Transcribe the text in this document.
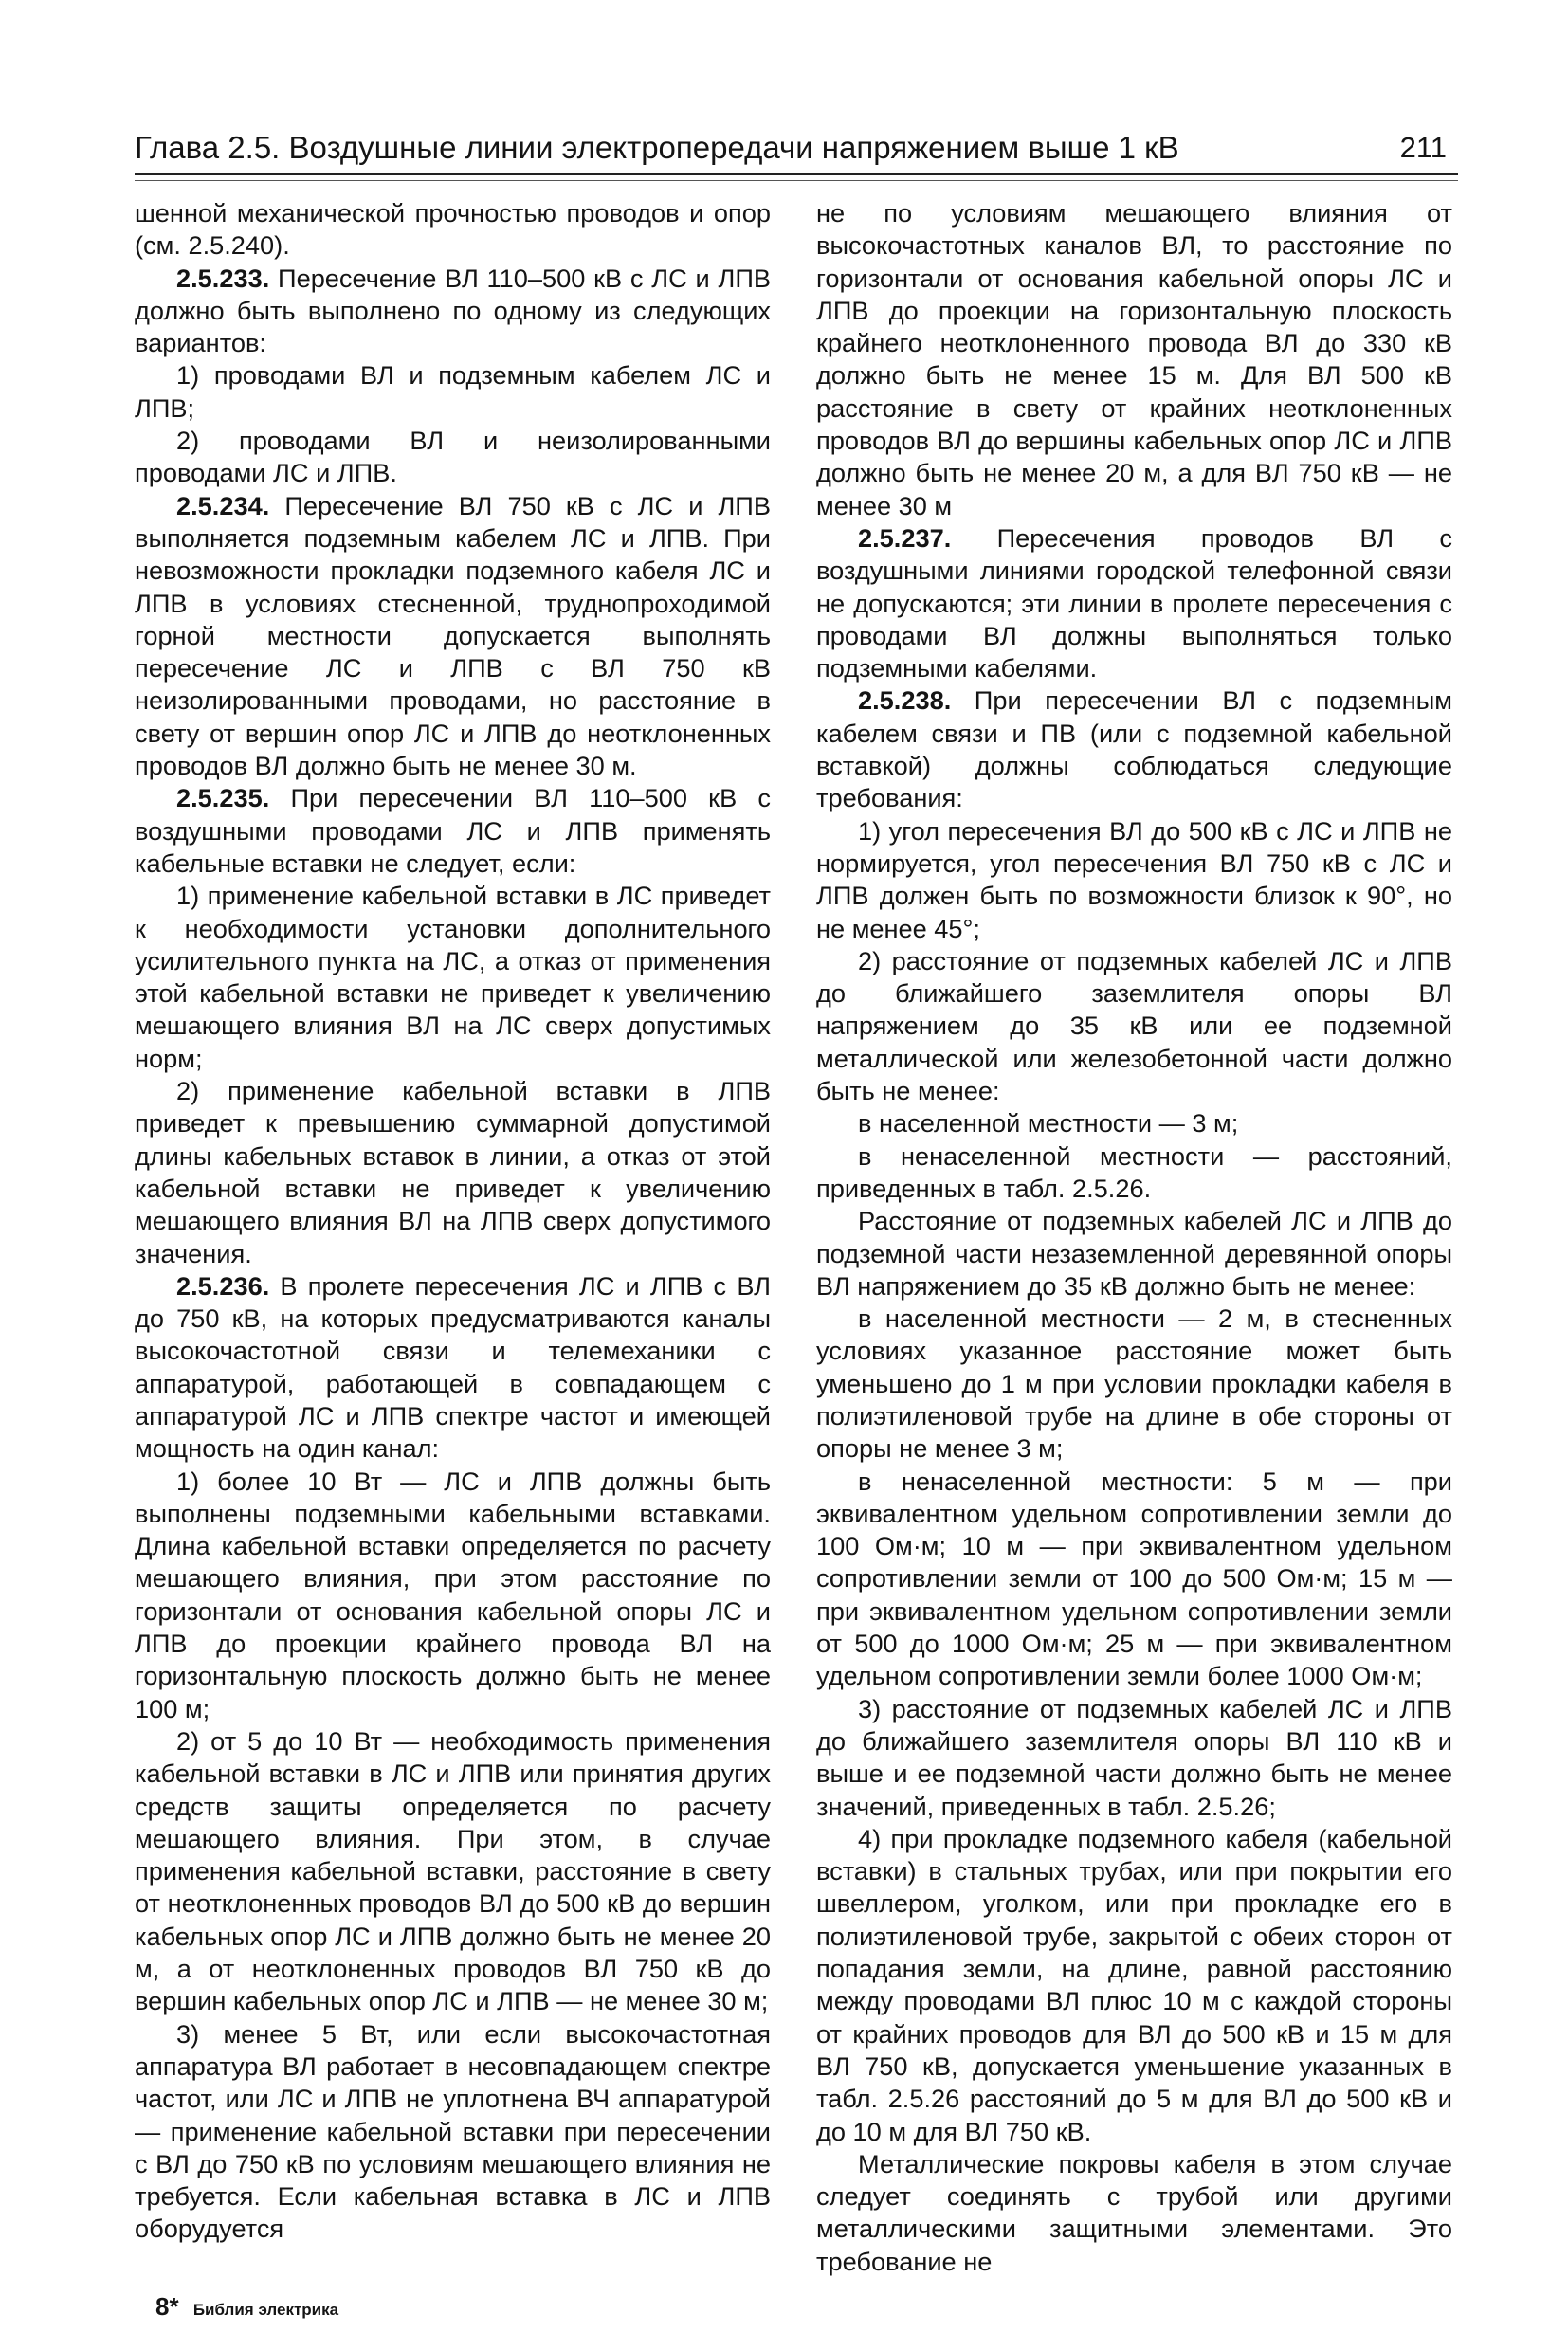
Глава 2.5. Воздушные линии электропередачи напряжением выше 1 кВ	211

шенной механической прочностью проводов и опор (см. 2.5.240).

2.5.233. Пересечение ВЛ 110–500 кВ с ЛС и ЛПВ должно быть выполнено по одному из следующих вариантов:

1) проводами ВЛ и подземным кабелем ЛС и ЛПВ;

2) проводами ВЛ и неизолированными проводами ЛС и ЛПВ.

2.5.234. Пересечение ВЛ 750 кВ с ЛС и ЛПВ выполняется подземным кабелем ЛС и ЛПВ. При невозможности прокладки подземного кабеля ЛС и ЛПВ в условиях стесненной, труднопроходимой горной местности допускается выполнять пересечение ЛС и ЛПВ с ВЛ 750 кВ неизолированными проводами, но расстояние в свету от вершин опор ЛС и ЛПВ до неотклоненных проводов ВЛ должно быть не менее 30 м.

2.5.235. При пересечении ВЛ 110–500 кВ с воздушными проводами ЛС и ЛПВ применять кабельные вставки не следует, если:

1) применение кабельной вставки в ЛС приведет к необходимости установки дополнительного усилительного пункта на ЛС, а отказ от применения этой кабельной вставки не приведет к увеличению мешающего влияния ВЛ на ЛС сверх допустимых норм;

2) применение кабельной вставки в ЛПВ приведет к превышению суммарной допустимой длины кабельных вставок в линии, а отказ от этой кабельной вставки не приведет к увеличению мешающего влияния ВЛ на ЛПВ сверх допустимого значения.

2.5.236. В пролете пересечения ЛС и ЛПВ с ВЛ до 750 кВ, на которых предусматриваются каналы высокочастотной связи и телемеханики с аппаратурой, работающей в совпадающем с аппаратурой ЛС и ЛПВ спектре частот и имеющей мощность на один канал:

1) более 10 Вт — ЛС и ЛПВ должны быть выполнены подземными кабельными вставками. Длина кабельной вставки определяется по расчету мешающего влияния, при этом расстояние по горизонтали от основания кабельной опоры ЛС и ЛПВ до проекции крайнего провода ВЛ на горизонтальную плоскость должно быть не менее 100 м;

2) от 5 до 10 Вт — необходимость применения кабельной вставки в ЛС и ЛПВ или принятия других средств защиты определяется по расчету мешающего влияния. При этом, в случае применения кабельной вставки, расстояние в свету от неотклоненных проводов ВЛ до 500 кВ до вершин кабельных опор ЛС и ЛПВ должно быть не менее 20 м, а от неотклоненных проводов ВЛ 750 кВ до вершин кабельных опор ЛС и ЛПВ — не менее 30 м;

3) менее 5 Вт, или если высокочастотная аппаратура ВЛ работает в несовпадающем спектре частот, или ЛС и ЛПВ не уплотнена ВЧ аппаратурой — применение кабельной вставки при пересечении с ВЛ до 750 кВ по условиям мешающего влияния не требуется. Если кабельная вставка в ЛС и ЛПВ оборудуется

не по условиям мешающего влияния от высокочастотных каналов ВЛ, то расстояние по горизонтали от основания кабельной опоры ЛС и ЛПВ до проекции на горизонтальную плоскость крайнего неотклоненного провода ВЛ до 330 кВ должно быть не менее 15 м. Для ВЛ 500 кВ расстояние в свету от крайних неотклоненных проводов ВЛ до вершины кабельных опор ЛС и ЛПВ должно быть не менее 20 м, а для ВЛ 750 кВ — не менее 30 м

2.5.237. Пересечения проводов ВЛ с воздушными линиями городской телефонной связи не допускаются; эти линии в пролете пересечения с проводами ВЛ должны выполняться только подземными кабелями.

2.5.238. При пересечении ВЛ с подземным кабелем связи и ПВ (или с подземной кабельной вставкой) должны соблюдаться следующие требования:

1) угол пересечения ВЛ до 500 кВ с ЛС и ЛПВ не нормируется, угол пересечения ВЛ 750 кВ с ЛС и ЛПВ должен быть по возможности близок к 90°, но не менее 45°;

2) расстояние от подземных кабелей ЛС и ЛПВ до ближайшего заземлителя опоры ВЛ напряжением до 35 кВ или ее подземной металлической или железобетонной части должно быть не менее:

в населенной местности — 3 м;

в ненаселенной местности — расстояний, приведенных в табл. 2.5.26.

Расстояние от подземных кабелей ЛС и ЛПВ до подземной части незаземленной деревянной опоры ВЛ напряжением до 35 кВ должно быть не менее:

в населенной местности — 2 м, в стесненных условиях указанное расстояние может быть уменьшено до 1 м при условии прокладки кабеля в полиэтиленовой трубе на длине в обе стороны от опоры не менее 3 м;

в ненаселенной местности: 5 м — при эквивалентном удельном сопротивлении земли до 100 Ом·м; 10 м — при эквивалентном удельном сопротивлении земли от 100 до 500 Ом·м; 15 м — при эквивалентном удельном сопротивлении земли от 500 до 1000 Ом·м; 25 м — при эквивалентном удельном сопротивлении земли более 1000 Ом·м;

3) расстояние от подземных кабелей ЛС и ЛПВ до ближайшего заземлителя опоры ВЛ 110 кВ и выше и ее подземной части должно быть не менее значений, приведенных в табл. 2.5.26;

4) при прокладке подземного кабеля (кабельной вставки) в стальных трубах, или при покрытии его швеллером, уголком, или при прокладке его в полиэтиленовой трубе, закрытой с обеих сторон от попадания земли, на длине, равной расстоянию между проводами ВЛ плюс 10 м с каждой стороны от крайних проводов для ВЛ до 500 кВ и 15 м для ВЛ 750 кВ, допускается уменьшение указанных в табл. 2.5.26 расстояний до 5 м для ВЛ до 500 кВ и до 10 м для ВЛ 750 кВ.

Металлические покровы кабеля в этом случае следует соединять с трубой или другими металлическими защитными элементами. Это требование не

8* Библия электрика
